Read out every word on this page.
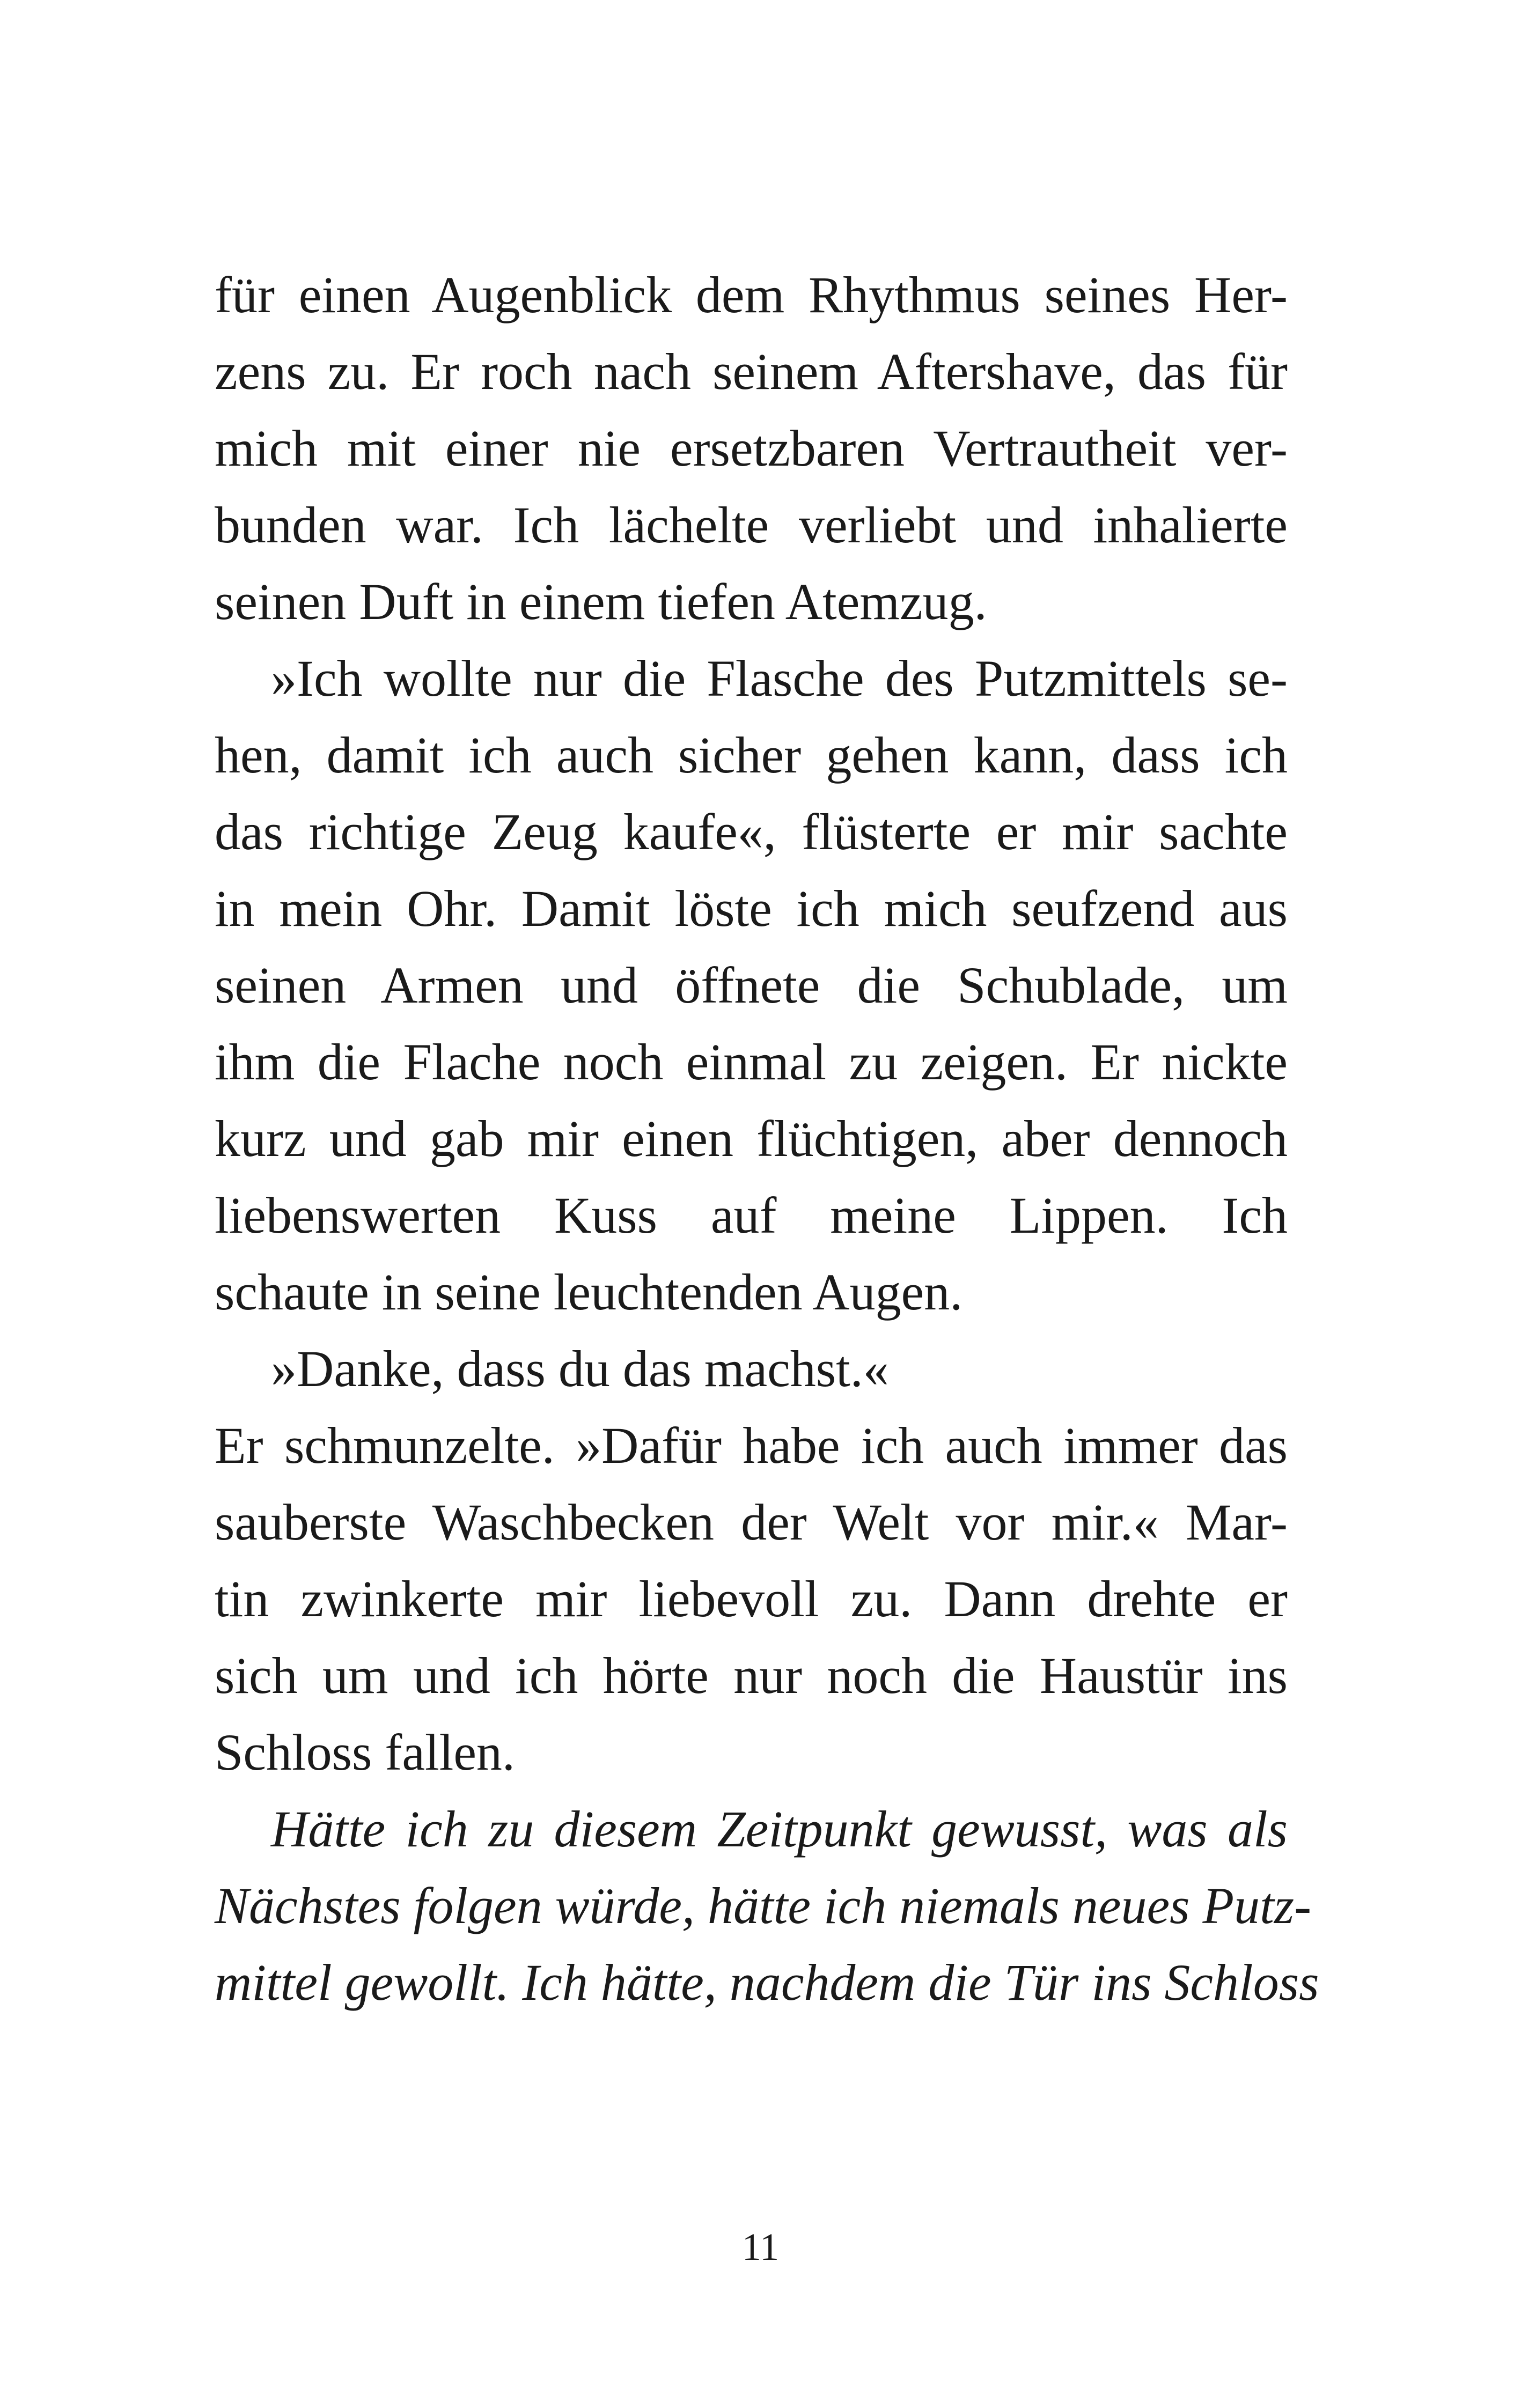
für einen Augenblick dem Rhythmus seines Her-
zens zu. Er roch nach seinem Aftershave, das für
mich mit einer nie ersetzbaren Vertrautheit ver-
bunden war. Ich lächelte verliebt und inhalierte
seinen Duft in einem tiefen Atemzug.
»Ich wollte nur die Flasche des Putzmittels se-
hen, damit ich auch sicher gehen kann, dass ich
das richtige Zeug kaufe«, flüsterte er mir sachte
in mein Ohr. Damit löste ich mich seufzend aus
seinen Armen und öffnete die Schublade, um
ihm die Flache noch einmal zu zeigen. Er nickte
kurz und gab mir einen flüchtigen, aber dennoch
liebenswerten Kuss auf meine Lippen. Ich
schaute in seine leuchtenden Augen.
»Danke, dass du das machst.«
Er schmunzelte. »Dafür habe ich auch immer das
sauberste Waschbecken der Welt vor mir.« Mar-
tin zwinkerte mir liebevoll zu. Dann drehte er
sich um und ich hörte nur noch die Haustür ins
Schloss fallen.
Hätte ich zu diesem Zeitpunkt gewusst, was als
Nächstes folgen würde, hätte ich niemals neues Putz-
mittel gewollt. Ich hätte, nachdem die Tür ins Schloss
11
